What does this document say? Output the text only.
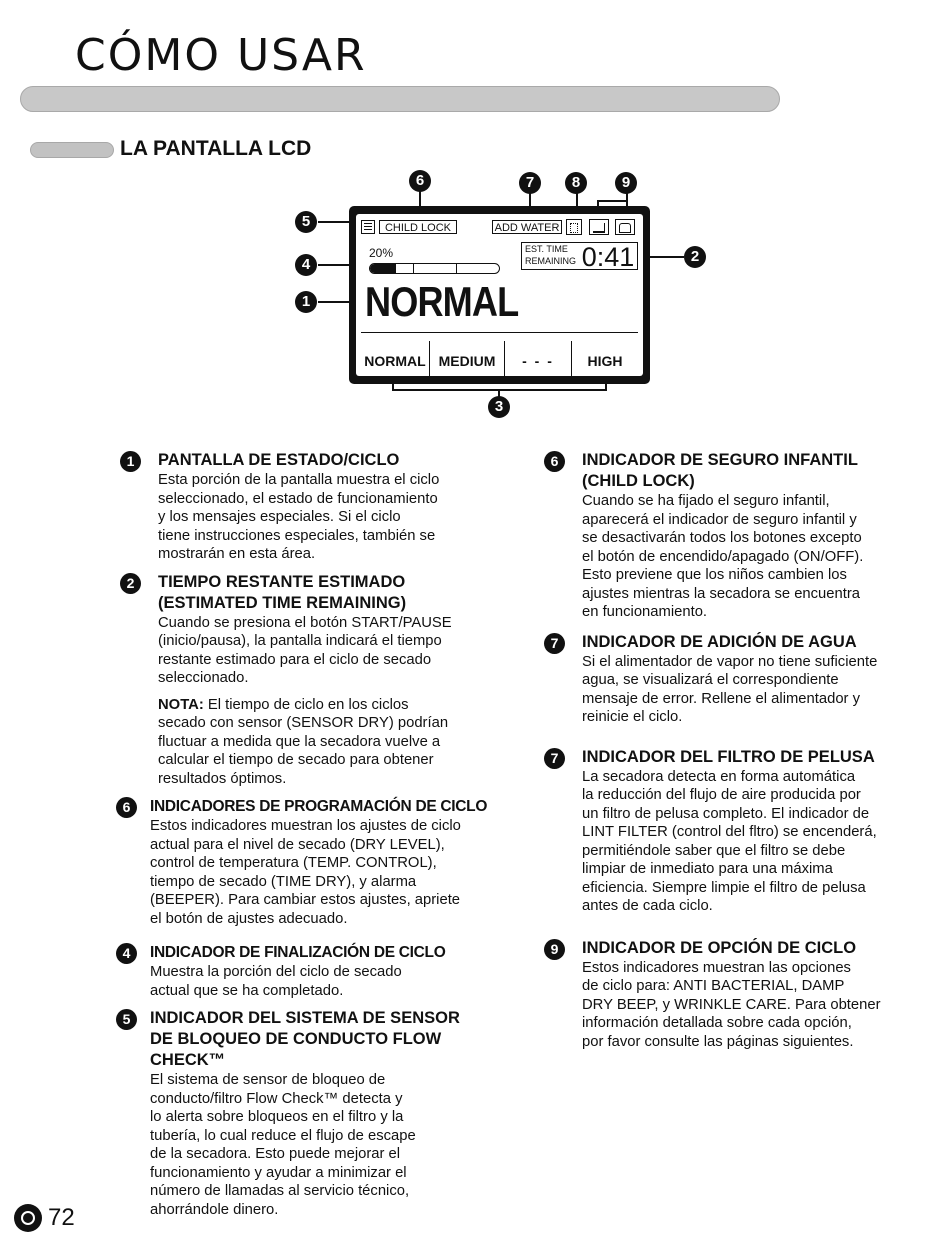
CÓMO USAR
LA PANTALLA LCD
6	7	8	9
5
4
1
2
3
CHILD LOCK	ADD WATER
20%	EST. TIME
REMAINING 0:41
NORMAL
NORMAL MEDIUM	- - -	HIGH
1	PANTALLA DE ESTADO/CICLO
Esta porción de la pantalla muestra el ciclo
seleccionado, el estado de funcionamiento
y los mensajes especiales. Si el ciclo
tiene instrucciones especiales, también se
mostrarán en esta área.
2	TIEMPO RESTANTE ESTIMADO
(ESTIMATED TIME REMAINING)
Cuando se presiona el botón START/PAUSE
(inicio/pausa), la pantalla indicará el tiempo
restante estimado para el ciclo de secado
seleccionado.
NOTA: El tiempo de ciclo en los ciclos
secado con sensor (SENSOR DRY) podrían
fluctuar a medida que la secadora vuelve a
calcular el tiempo de secado para obtener
resultados óptimos.
6	INDICADORES DE PROGRAMACIÓN DE CICLO
Estos indicadores muestran los ajustes de ciclo
actual para el nivel de secado (DRY LEVEL),
control de temperatura (TEMP. CONTROL),
tiempo de secado (TIME DRY), y alarma
(BEEPER). Para cambiar estos ajustes, apriete
el botón de ajustes adecuado.
4	INDICADOR DE FINALIZACIÓN DE CICLO
Muestra la porción del ciclo de secado
actual que se ha completado.
5	INDICADOR DEL SISTEMA DE SENSOR
DE BLOQUEO DE CONDUCTO FLOW
CHECK™
El sistema de sensor de bloqueo de
conducto/filtro Flow Check™ detecta y
lo alerta sobre bloqueos en el filtro y la
tubería, lo cual reduce el flujo de escape
de la secadora. Esto puede mejorar el
funcionamiento y ayudar a minimizar el
número de llamadas al servicio técnico,
ahorrándole dinero.
6	INDICADOR DE SEGURO INFANTIL
(CHILD LOCK)
Cuando se ha fijado el seguro infantil,
aparecerá el indicador de seguro infantil y
se desactivarán todos los botones excepto
el botón de encendido/apagado (ON/OFF).
Esto previene que los niños cambien los
ajustes mientras la secadora se encuentra
en funcionamiento.
7	INDICADOR DE ADICIÓN DE AGUA
Si el alimentador de vapor no tiene suficiente
agua, se visualizará el correspondiente
mensaje de error. Rellene el alimentador y
reinicie el ciclo.
7	INDICADOR DEL FILTRO DE PELUSA
La secadora detecta en forma automática
la reducción del flujo de aire producida por
un filtro de pelusa completo. El indicador de
LINT FILTER (control del fltro) se encenderá,
permitiéndole saber que el filtro se debe
limpiar de inmediato para una máxima
eficiencia. Siempre limpie el filtro de pelusa
antes de cada ciclo.
9	INDICADOR DE OPCIÓN DE CICLO
Estos indicadores muestran las opciones
de ciclo para: ANTI BACTERIAL, DAMP
DRY BEEP, y WRINKLE CARE. Para obtener
información detallada sobre cada opción,
por favor consulte las páginas siguientes.
72
